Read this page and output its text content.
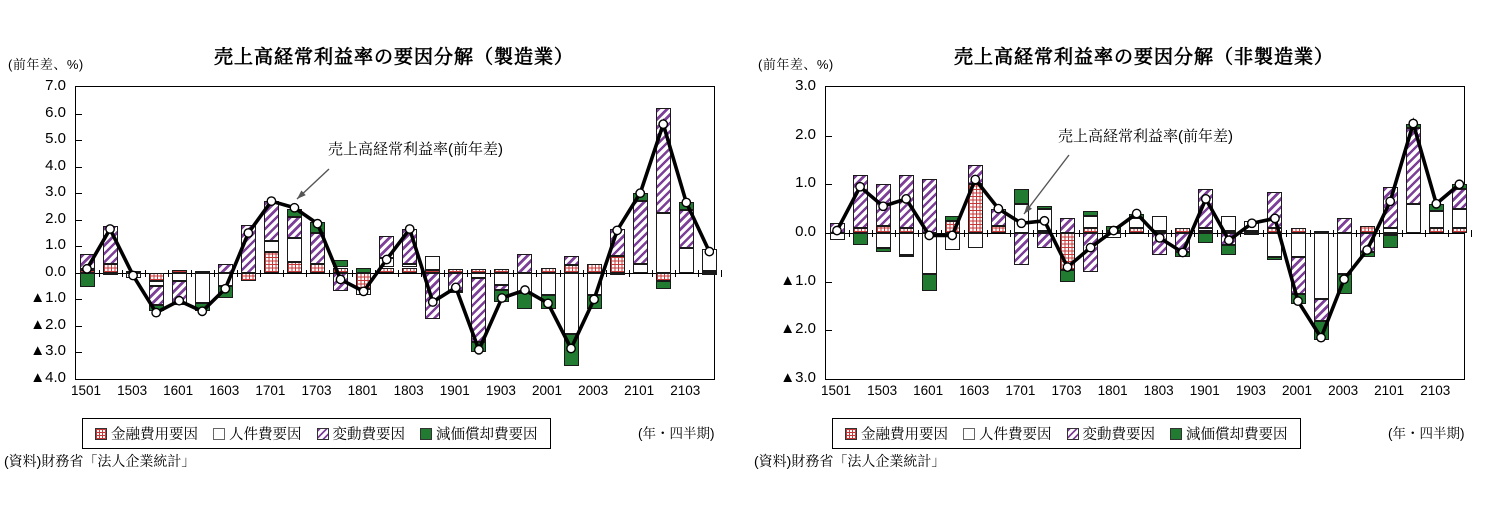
(前年差、%)	売上高経常利益率の要因分解（製造業）
売上高経常利益率(前年差)
金融費用要因 人件費要因 変動費要因 減価償却費要因	(年・四半期)
(資料)財務省「法人企業統計」
7.0
6.0
5.0
4.0
3.0
2.0
1.0
0.0
▲1.0
▲2.0
▲3.0
▲4.0
1501	1503	1601	1603	1701	1703	1801	1803	1901	1903	2001	2003	2101	2103
(前年差、%)	売上高経常利益率の要因分解（非製造業）
売上高経常利益率(前年差)
金融費用要因 人件費要因 変動費要因 減価償却費要因	(年・四半期)
(資料)財務省「法人企業統計」
3.0
2.0
1.0
0.0
▲1.0
▲2.0
▲3.0
1501	1503	1601	1603	1701	1703	1801	1803	1901	1903	2001	2003	2101	2103
